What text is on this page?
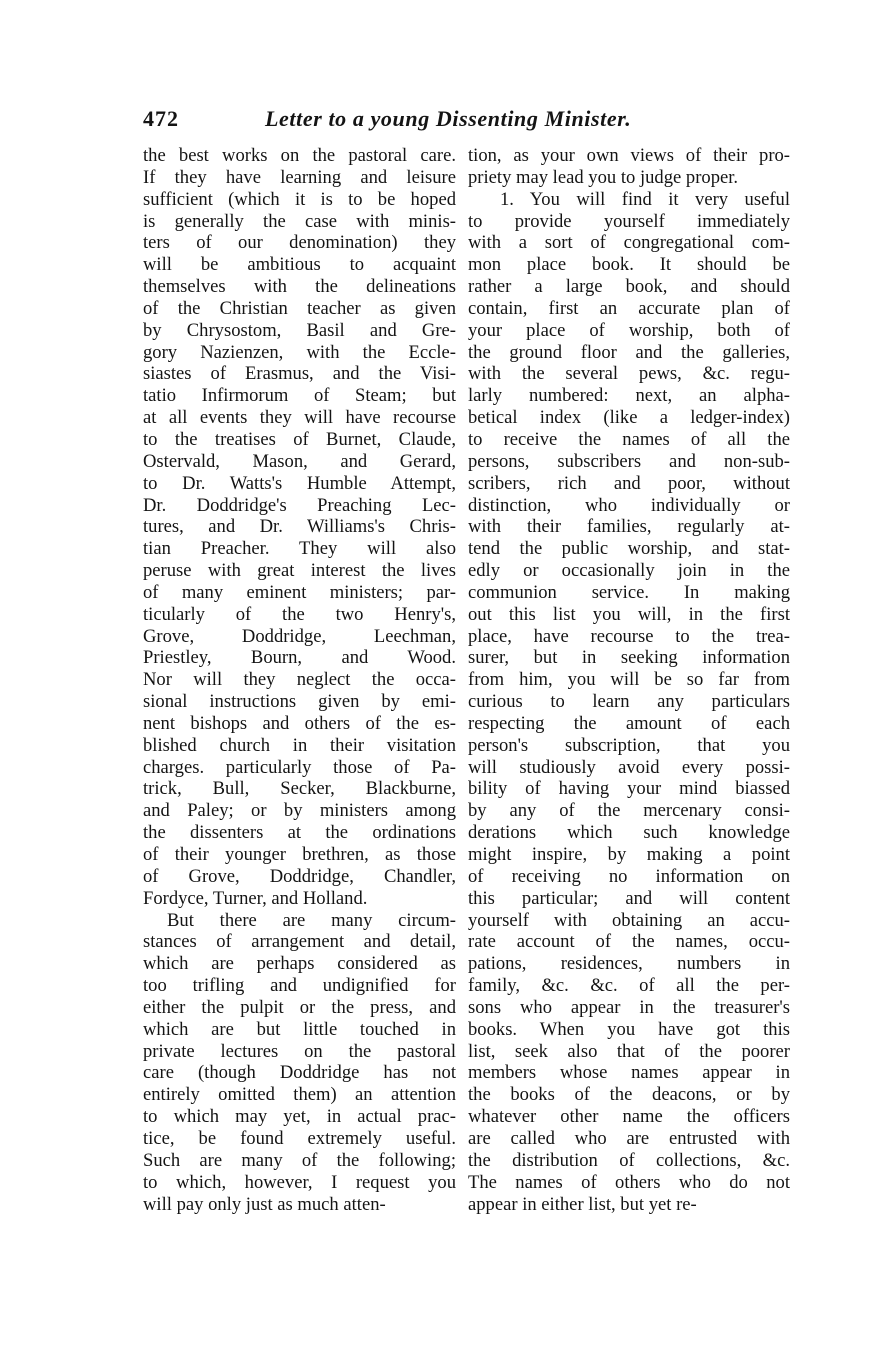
472	Letter to a young Dissenting Minister.
the best works on the pastoral care.
If they have learning and leisure
sufficient (which it is to be hoped
is generally the case with minis-
ters of our denomination) they
will be ambitious to acquaint
themselves with the delineations
of the Christian teacher as given
by Chrysostom, Basil and Gre-
gory Nazienzen, with the Eccle-
siastes of Erasmus, and the Visi-
tatio Infirmorum of Steam; but
at all events they will have recourse
to the treatises of Burnet, Claude,
Ostervald, Mason, and Gerard,
to Dr. Watts's Humble Attempt,
Dr. Doddridge's Preaching Lec-
tures, and Dr. Williams's Chris-
tian Preacher. They will also
peruse with great interest the lives
of many eminent ministers; par-
ticularly of the two Henry's,
Grove, Doddridge, Leechman,
Priestley, Bourn, and Wood.
Nor will they neglect the occa-
sional instructions given by emi-
nent bishops and others of the es-
blished church in their visitation
charges. particularly those of Pa-
trick, Bull, Secker, Blackburne,
and Paley; or by ministers among
the dissenters at the ordinations
of their younger brethren, as those
of Grove, Doddridge, Chandler,
Fordyce, Turner, and Holland.
But there are many circum-
stances of arrangement and detail,
which are perhaps considered as
too trifling and undignified for
either the pulpit or the press, and
which are but little touched in
private lectures on the pastoral
care (though Doddridge has not
entirely omitted them) an attention
to which may yet, in actual prac-
tice, be found extremely useful.
Such are many of the following;
to which, however, I request you
will pay only just as much atten-
tion, as your own views of their pro-
priety may lead you to judge proper.
1. You will find it very useful
to provide yourself immediately
with a sort of congregational com-
mon place book. It should be
rather a large book, and should
contain, first an accurate plan of
your place of worship, both of
the ground floor and the galleries,
with the several pews, &c. regu-
larly numbered: next, an alpha-
betical index (like a ledger-index)
to receive the names of all the
persons, subscribers and non-sub-
scribers, rich and poor, without
distinction, who individually or
with their families, regularly at-
tend the public worship, and stat-
edly or occasionally join in the
communion service. In making
out this list you will, in the first
place, have recourse to the trea-
surer, but in seeking information
from him, you will be so far from
curious to learn any particulars
respecting the amount of each
person's subscription, that you
will studiously avoid every possi-
bility of having your mind biassed
by any of the mercenary consi-
derations which such knowledge
might inspire, by making a point
of receiving no information on
this particular; and will content
yourself with obtaining an accu-
rate account of the names, occu-
pations, residences, numbers in
family, &c. &c. of all the per-
sons who appear in the treasurer's
books. When you have got this
list, seek also that of the poorer
members whose names appear in
the books of the deacons, or by
whatever other name the officers
are called who are entrusted with
the distribution of collections, &c.
The names of others who do not
appear in either list, but yet re-
